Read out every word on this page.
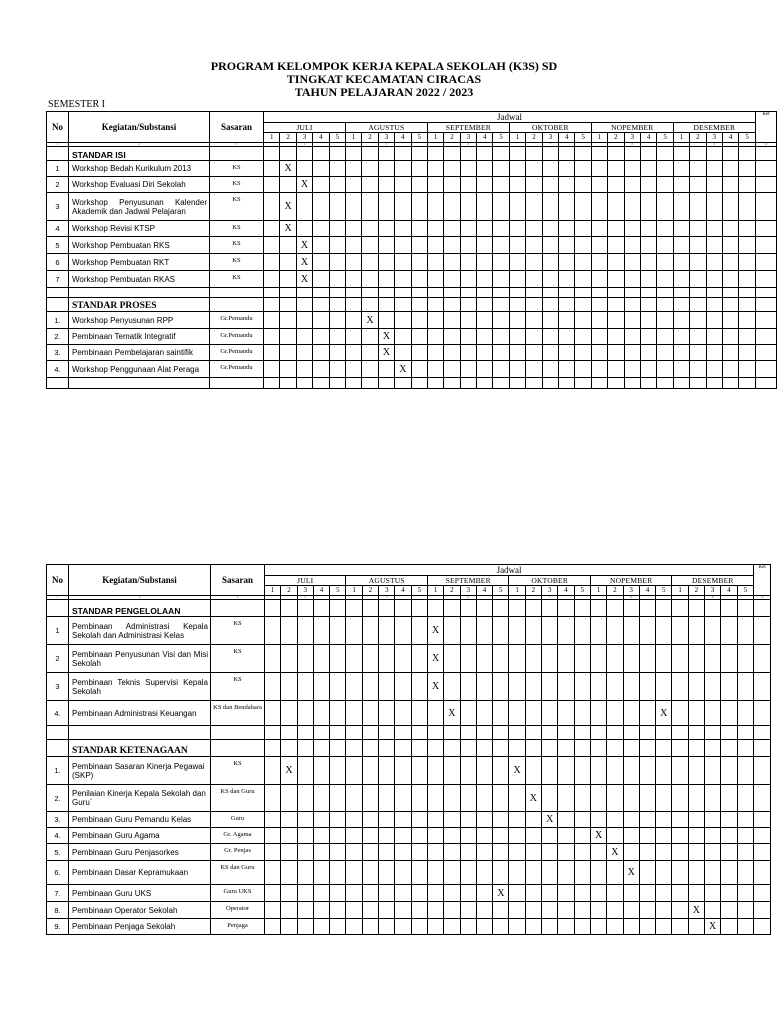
PROGRAM KELOMPOK KERJA KEPALA SEKOLAH (K3S) SD
TINGKAT KECAMATAN CIRACAS
TAHUN PELAJARAN 2022 / 2023
SEMESTER I
No	Kegiatan/Substansi	Sasaran	Jadwal																														Ket
			JULI					AGUSTUS					SEPTEMBER					OKTOBER					NOPEMBER					DESEMBER					
			1	2	3	4	5	1	2	3	4	5	1	2	3	4	5	1	2	3	4	5	1	2	3	4	5	1	2	3	4	5	
1	2	3			4					5					6					7					8					9			12
	STANDAR ISI																																
1	Workshop Bedah Kurikulum 2013	KS		X																													
2	Workshop Evaluasi Diri Sekolah	KS			X																												
3	Workshop Penyusunan Kalender Akademik dan Jadwal Pelajaran	KS		X																													
4	Workshop Revisi KTSP	KS		X																													
5	Workshop Pembuatan RKS	KS			X																												
6	Workshop Pembuatan RKT	KS			X																												
7	Workshop Pembuatan RKAS	KS			X																												

	STANDAR PROSES																																
1.	Workshop Penyusunan RPP	Gr.Pemandu							X																								
2.	Pembinaan Tematik Integratif	Gr.Pemandu								X																							
3.	Pembinaan Pembelajaran saintifik	Gr.Pemandu								X																							
4.	Workshop Penggunaan Alat Peraga	Gr.Pemandu									X																						

No	Kegiatan/Substansi	Sasaran	Jadwal																														Ket
			JULI					AGUSTUS					SEPTEMBER					OKTOBER					NOPEMBER					DESEMBER					
			1	2	3	4	5	1	2	3	4	5	1	2	3	4	5	1	2	3	4	5	1	2	3	4	5	1	2	3	4	5	
1	2	3			4					5					6					7					8					9			12
	STANDAR PENGELOLAAN																																
1	Pembinaan Administrasi Kepala Sekolah dan Administrasi Kelas	KS											X																				
2	Pembinaan Penyusunan Visi dan Misi Sekolah	KS											X																				
3	Pembinaan Teknis Supervisi Kepala Sekolah	KS											X																				
4.	Pembinaan Administrasi Keuangan	KS dan Bendahara												X													X						

	STANDAR KETENAGAAN																																
1.	Pembinaan Sasaran Kinerja Pegawai (SKP)	KS		X														X															
2.	Penilaian Kinerja Kepala Sekolah dan Guru`	KS dan Guru																	X														
3.	Pembinaan Guru Pemandu Kelas	Guru																		X													
4.	Pembinaan Guru Agama	Gr. Agama																					X										
5.	Pembinaan Guru Penjasorkes	Gr. Penjas																						X									
6.	Pembinaan Dasar Kepramukaan	KS dan Guru																							X								
7.	Pembinaan Guru UKS	Guru UKS															X																
8.	Pembinaan Operator Sekolah	Operator																											X				
9.	Pembinaan Penjaga Sekolah	Penjaga																												X			
